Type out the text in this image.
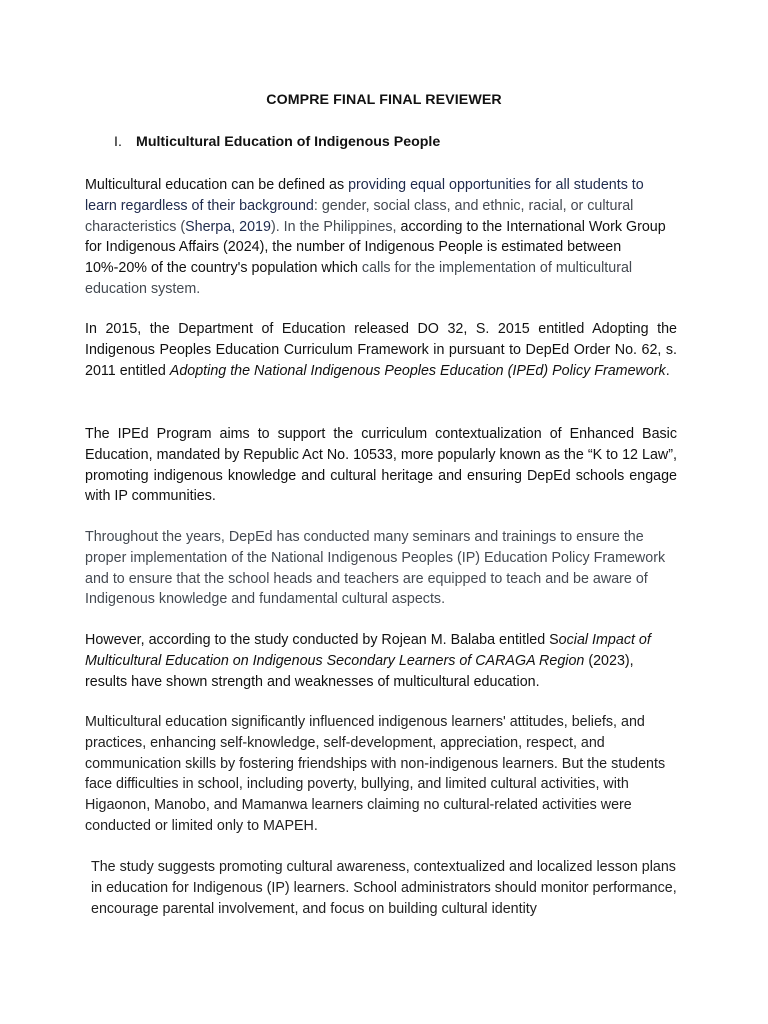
COMPRE FINAL FINAL REVIEWER
I. Multicultural Education of Indigenous People

Multicultural education can be defined as providing equal opportunities for all students to learn regardless of their background: gender, social class, and ethnic, racial, or cultural characteristics (Sherpa, 2019). In the Philippines, according to the International Work Group for Indigenous Affairs (2024), the number of Indigenous People is estimated between 10%-20% of the country's population which calls for the implementation of multicultural education system.

In 2015, the Department of Education released DO 32, S. 2015 entitled Adopting the Indigenous Peoples Education Curriculum Framework in pursuant to DepEd Order No. 62, s. 2011 entitled Adopting the National Indigenous Peoples Education (IPEd) Policy Framework.

The IPEd Program aims to support the curriculum contextualization of Enhanced Basic Education, mandated by Republic Act No. 10533, more popularly known as the “K to 12 Law”, promoting indigenous knowledge and cultural heritage and ensuring DepEd schools engage with IP communities.

Throughout the years, DepEd has conducted many seminars and trainings to ensure the proper implementation of the National Indigenous Peoples (IP) Education Policy Framework and to ensure that the school heads and teachers are equipped to teach and be aware of Indigenous knowledge and fundamental cultural aspects.

However, according to the study conducted by Rojean M. Balaba entitled Social Impact of Multicultural Education on Indigenous Secondary Learners of CARAGA Region (2023), results have shown strength and weaknesses of multicultural education.

Multicultural education significantly influenced indigenous learners' attitudes, beliefs, and practices, enhancing self-knowledge, self-development, appreciation, respect, and communication skills by fostering friendships with non-indigenous learners. But the students face difficulties in school, including poverty, bullying, and limited cultural activities, with Higaonon, Manobo, and Mamanwa learners claiming no cultural-related activities were conducted or limited only to MAPEH.

The study suggests promoting cultural awareness, contextualized and localized lesson plans in education for Indigenous (IP) learners. School administrators should monitor performance, encourage parental involvement, and focus on building cultural identity
